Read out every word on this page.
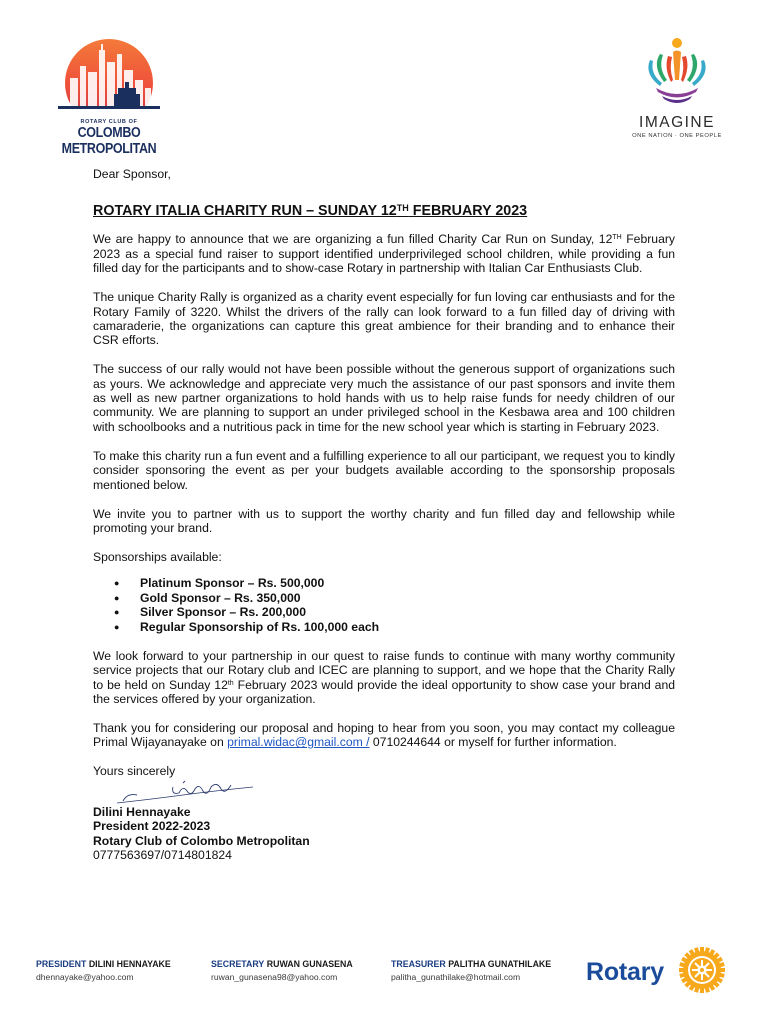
ROTARY CLUB OF
COLOMBO METROPOLITAN
IMAGINE
ONE NATION · ONE PEOPLE

Dear Sponsor,

ROTARY ITALIA CHARITY RUN – SUNDAY 12TH FEBRUARY 2023

We are happy to announce that we are organizing a fun filled Charity Car Run on Sunday, 12TH February 2023 as a special fund raiser to support identified underprivileged school children, while providing a fun filled day for the participants and to show-case Rotary in partnership with Italian Car Enthusiasts Club.

The unique Charity Rally is organized as a charity event especially for fun loving car enthusiasts and for the Rotary Family of 3220. Whilst the drivers of the rally can look forward to a fun filled day of driving with camaraderie, the organizations can capture this great ambience for their branding and to enhance their CSR efforts.

The success of our rally would not have been possible without the generous support of organizations such as yours. We acknowledge and appreciate very much the assistance of our past sponsors and invite them as well as new partner organizations to hold hands with us to help raise funds for needy children of our community. We are planning to support an under privileged school in the Kesbawa area and 100 children with schoolbooks and a nutritious pack in time for the new school year which is starting in February 2023.

To make this charity run a fun event and a fulfilling experience to all our participant, we request you to kindly consider sponsoring the event as per your budgets available according to the sponsorship proposals mentioned below.

We invite you to partner with us to support the worthy charity and fun filled day and fellowship while promoting your brand.

Sponsorships available:

● Platinum Sponsor – Rs. 500,000
● Gold Sponsor – Rs. 350,000
● Silver Sponsor – Rs. 200,000
● Regular Sponsorship of Rs. 100,000 each

We look forward to your partnership in our quest to raise funds to continue with many worthy community service projects that our Rotary club and ICEC are planning to support, and we hope that the Charity Rally to be held on Sunday 12th February 2023 would provide the ideal opportunity to show case your brand and the services offered by your organization.

Thank you for considering our proposal and hoping to hear from you soon, you may contact my colleague Primal Wijayanayake on primal.widac@gmail.com / 0710244644 or myself for further information.

Yours sincerely

Dilini Hennayake
President 2022-2023
Rotary Club of Colombo Metropolitan
0777563697/0714801824
PRESIDENT DILINI HENNAYAKE
dhennayake@yahoo.com
SECRETARY RUWAN GUNASENA
ruwan_gunasena98@yahoo.com
TREASURER PALITHA GUNATHILAKE
palitha_gunathilake@hotmail.com	Rotary
